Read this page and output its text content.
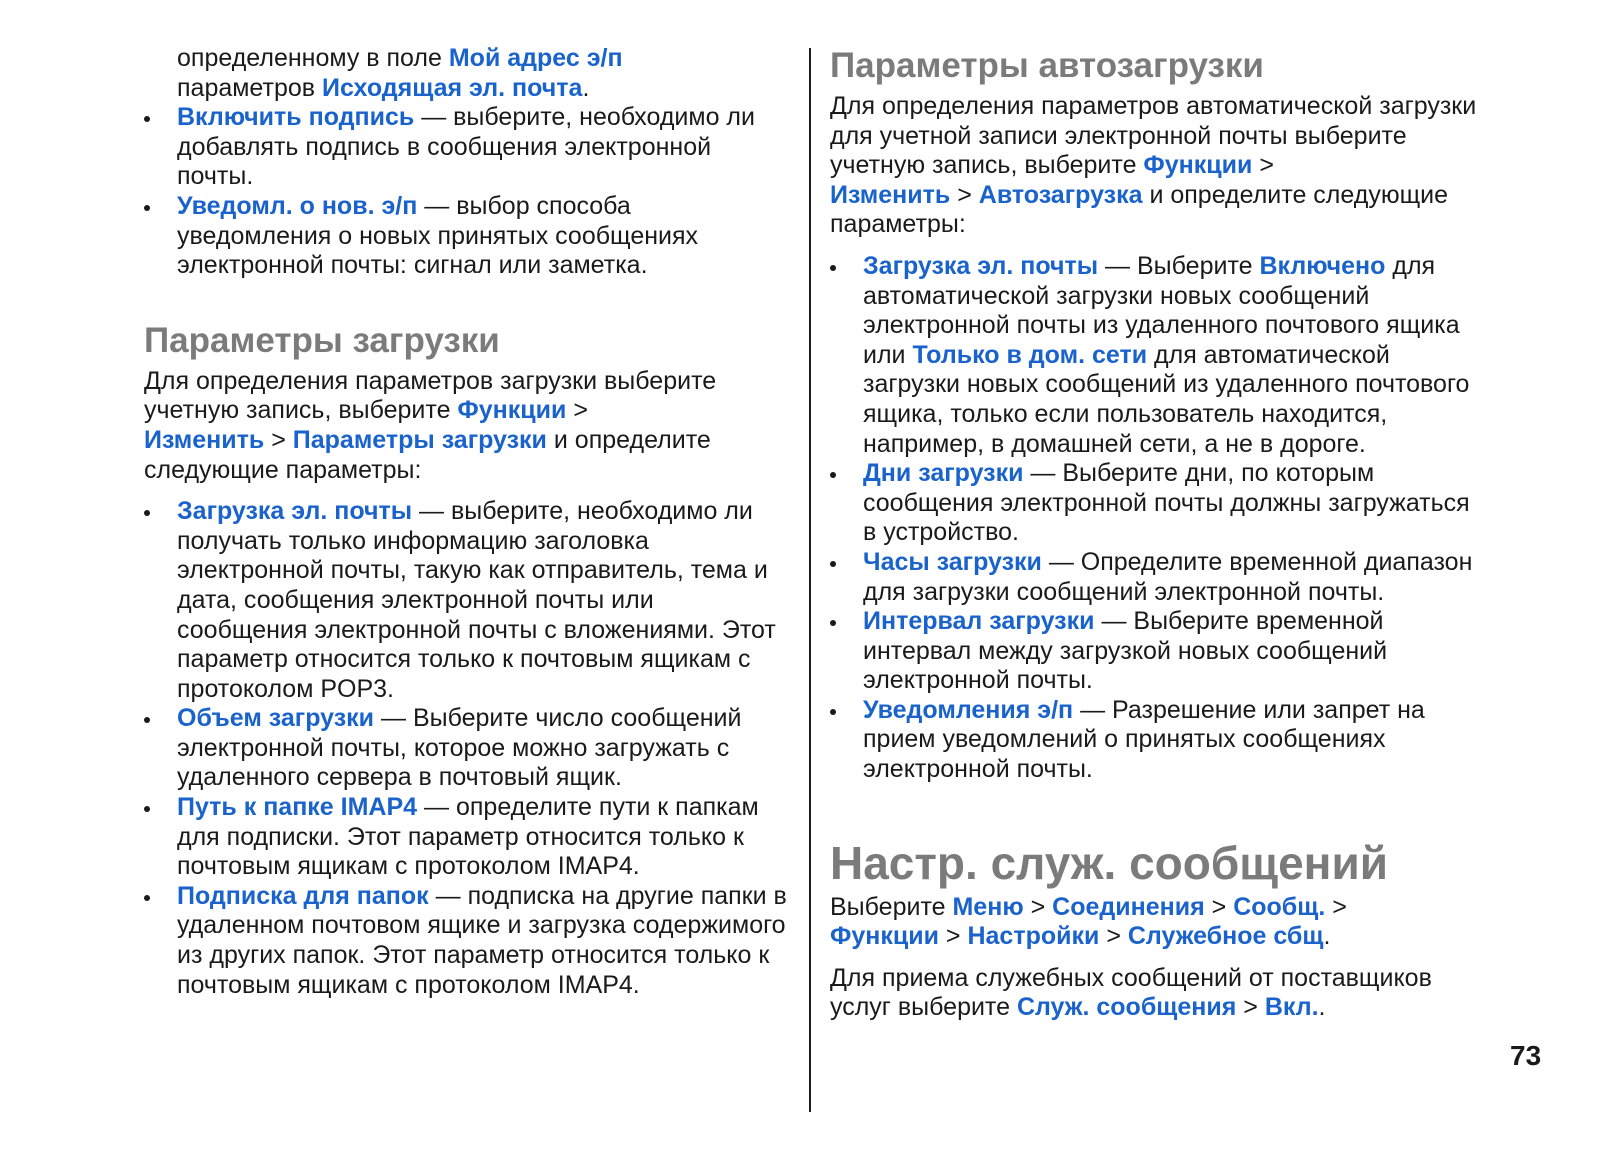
определенному в поле Мой адрес э/п
параметров Исходящая эл. почта.

Включить подпись — выберите, необходимо ли добавлять подпись в сообщения электронной почты.
Уведомл. о нов. э/п — выбор способа уведомления о новых принятых сообщениях электронной почты: сигнал или заметка.
Параметры загрузки

Для определения параметров загрузки выберите учетную запись, выберите Функции >
Изменить > Параметры загрузки и определите следующие параметры:

Загрузка эл. почты — выберите, необходимо ли получать только информацию заголовка электронной почты, такую как отправитель, тема и дата, сообщения электронной почты или сообщения электронной почты с вложениями. Этот параметр относится только к почтовым ящикам с протоколом POP3.
Объем загрузки — Выберите число сообщений электронной почты, которое можно загружать с удаленного сервера в почтовый ящик.
Путь к папке IMAP4 — определите пути к папкам для подписки. Этот параметр относится только к почтовым ящикам с протоколом IMAP4.
Подписка для папок — подписка на другие папки в удаленном почтовом ящике и загрузка содержимого из других папок. Этот параметр относится только к почтовым ящикам с протоколом IMAP4.
Параметры автозагрузки

Для определения параметров автоматической загрузки для учетной записи электронной почты выберите учетную запись, выберите Функции >
Изменить > Автозагрузка и определите следующие параметры:

Загрузка эл. почты — Выберите Включено для автоматической загрузки новых сообщений электронной почты из удаленного почтового ящика или Только в дом. сети для автоматической загрузки новых сообщений из удаленного почтового ящика, только если пользователь находится, например, в домашней сети, а не в дороге.
Дни загрузки — Выберите дни, по которым сообщения электронной почты должны загружаться в устройство.
Часы загрузки — Определите временной диапазон для загрузки сообщений электронной почты.
Интервал загрузки — Выберите временной интервал между загрузкой новых сообщений электронной почты.
Уведомления э/п — Разрешение или запрет на прием уведомлений о принятых сообщениях электронной почты.
Настр. служ. сообщений

Выберите Меню > Соединения > Сообщ. >
Функции > Настройки > Служебное сбщ.

Для приема служебных сообщений от поставщиков услуг выберите Служ. сообщения > Вкл..

73
